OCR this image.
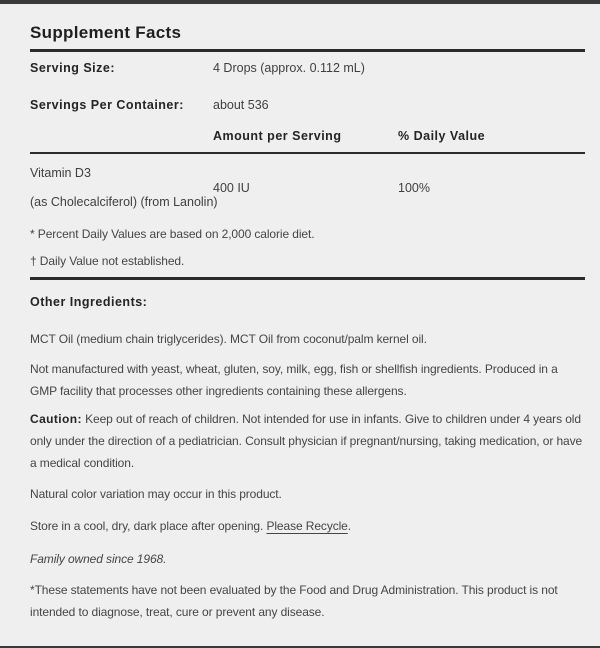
Supplement Facts
Serving Size:	4 Drops (approx. 0.112 mL)
Servings Per Container:	about 536
Amount per Serving	% Daily Value
Vitamin D3
(as Cholecalciferol) (from Lanolin)
400 IU	100%

* Percent Daily Values are based on 2,000 calorie diet.

† Daily Value not established.

Other Ingredients:

MCT Oil (medium chain triglycerides). MCT Oil from coconut/palm kernel oil.

Not manufactured with yeast, wheat, gluten, soy, milk, egg, fish or shellfish ingredients. Produced in a GMP facility that processes other ingredients containing these allergens.

Caution: Keep out of reach of children. Not intended for use in infants. Give to children under 4 years old only under the direction of a pediatrician. Consult physician if pregnant/nursing, taking medication, or have a medical condition.

Natural color variation may occur in this product.

Store in a cool, dry, dark place after opening. Please Recycle.

Family owned since 1968.

*These statements have not been evaluated by the Food and Drug Administration. This product is not intended to diagnose, treat, cure or prevent any disease.
